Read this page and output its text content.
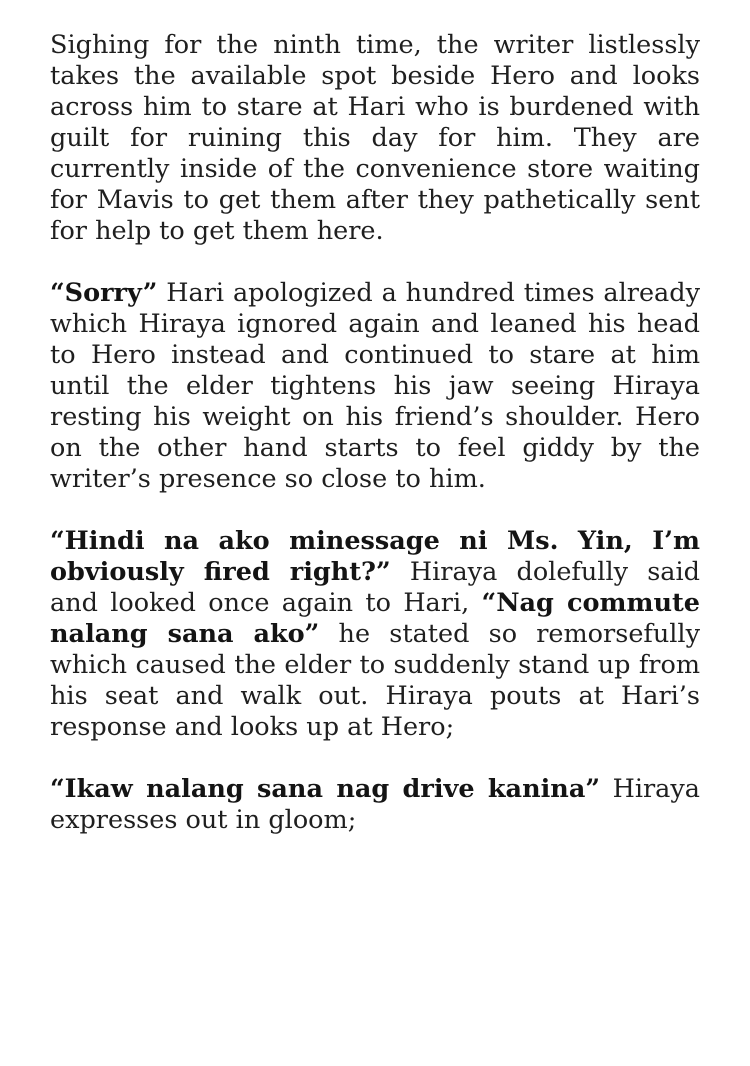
Sighing for the ninth time, the writer listlessly takes the available spot beside Hero and looks across him to stare at Hari who is burdened with guilt for ruining this day for him. They are currently inside of the convenience store waiting for Mavis to get them after they pathetically sent for help to get them here.

“Sorry” Hari apologized a hundred times already which Hiraya ignored again and leaned his head to Hero instead and continued to stare at him until the elder tightens his jaw seeing Hiraya resting his weight on his friend’s shoulder. Hero on the other hand starts to feel giddy by the writer’s presence so close to him.

“Hindi na ako minessage ni Ms. Yin, I’m obviously fired right?” Hiraya dolefully said and looked once again to Hari, “Nag commute nalang sana ako” he stated so remorsefully which caused the elder to suddenly stand up from his seat and walk out. Hiraya pouts at Hari’s response and looks up at Hero;

“Ikaw nalang sana nag drive kanina” Hiraya expresses out in gloom;
